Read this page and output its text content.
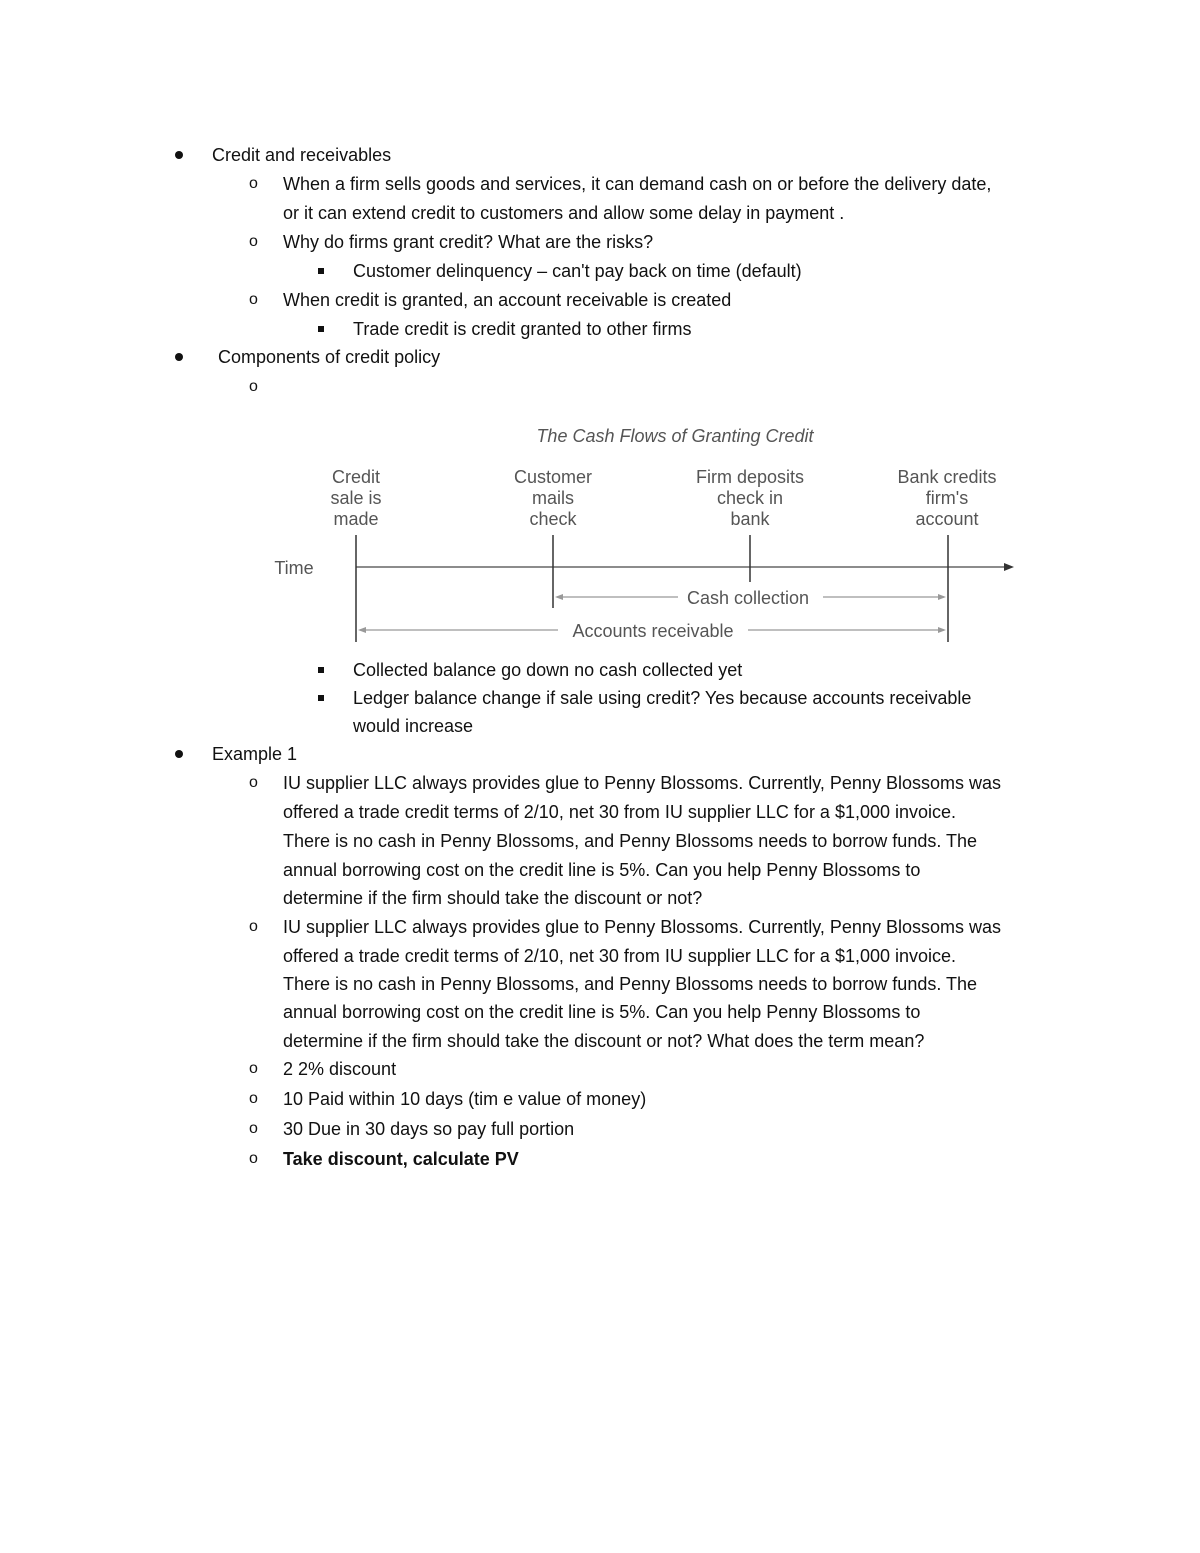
Credit and receivables
o When a firm sells goods and services, it can demand cash on or before the delivery date,
or it can extend credit to customers and allow some delay in payment .
o Why do firms grant credit? What are the risks?
Customer delinquency – can't pay back on time (default)
o When credit is granted, an account receivable is created
Trade credit is credit granted to other firms
Components of credit policy
o
The Cash Flows of Granting Credit
Credit
sale is
made
Customer
mails
check
Firm deposits
check in
bank
Bank credits
firm's
account
Time
Cash collection
Accounts receivable
Collected balance go down no cash collected yet
Ledger balance change if sale using credit? Yes because accounts receivable
would increase
Example 1
o IU supplier LLC always provides glue to Penny Blossoms. Currently, Penny Blossoms was
offered a trade credit terms of 2/10, net 30 from IU supplier LLC for a $1,000 invoice.
There is no cash in Penny Blossoms, and Penny Blossoms needs to borrow funds. The
annual borrowing cost on the credit line is 5%. Can you help Penny Blossoms to
determine if the firm should take the discount or not?
o IU supplier LLC always provides glue to Penny Blossoms. Currently, Penny Blossoms was
offered a trade credit terms of 2/10, net 30 from IU supplier LLC for a $1,000 invoice.
There is no cash in Penny Blossoms, and Penny Blossoms needs to borrow funds. The
annual borrowing cost on the credit line is 5%. Can you help Penny Blossoms to
determine if the firm should take the discount or not? What does the term mean?
o 2 2% discount
o 10 Paid within 10 days (tim e value of money)
o 30 Due in 30 days so pay full portion
o Take discount, calculate PV
